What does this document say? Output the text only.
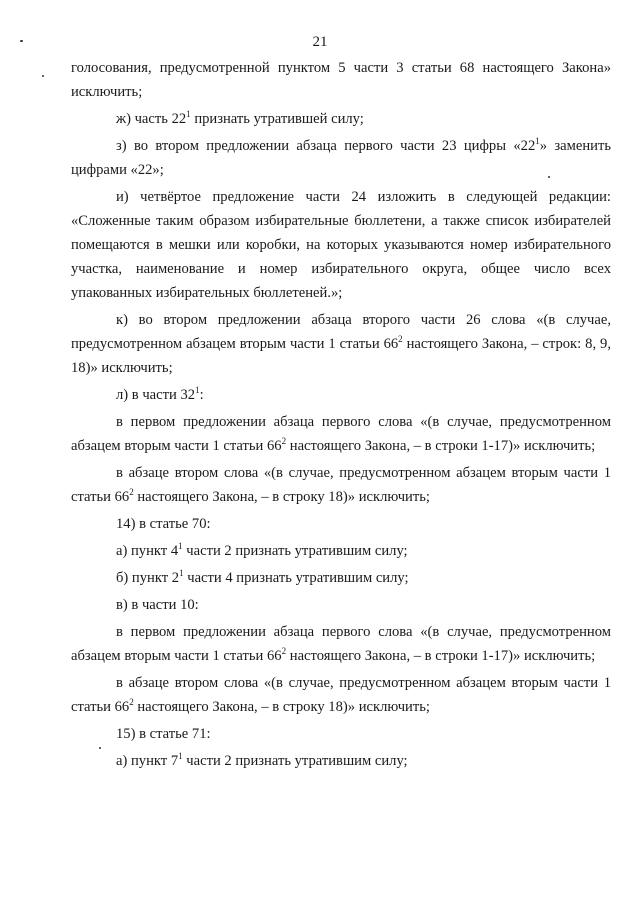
21

голосования, предусмотренной пунктом 5 части 3 статьи 68 настоящего Закона» исключить;

ж) часть $22^1$ признать утратившей силу;

з) во втором предложении абзаца первого части 23 цифры «$22^1$» заменить цифрами «22»;

и) четвёртое предложение части 24 изложить в следующей редакции: «Сложенные таким образом избирательные бюллетени, а также список избирателей помещаются в мешки или коробки, на которых указываются номер избирательного участка, наименование и номер избирательного округа, общее число всех упакованных избирательных бюллетеней.»;

к) во втором предложении абзаца второго части 26 слова «(в случае, предусмотренном абзацем вторым части 1 статьи $66^2$ настоящего Закона, – строк: 8, 9, 18)» исключить;

л) в части $32^1$:

в первом предложении абзаца первого слова «(в случае, предусмотренном абзацем вторым части 1 статьи $66^2$ настоящего Закона, – в строки 1-17)» исключить;

в абзаце втором слова «(в случае, предусмотренном абзацем вторым части 1 статьи $66^2$ настоящего Закона, – в строку 18)» исключить;

14) в статье 70:

а) пункт $4^1$ части 2 признать утратившим силу;

б) пункт $2^1$ части 4 признать утратившим силу;

в) в части 10:

в первом предложении абзаца первого слова «(в случае, предусмотренном абзацем вторым части 1 статьи $66^2$ настоящего Закона, – в строки 1-17)» исключить;

в абзаце втором слова «(в случае, предусмотренном абзацем вторым части 1 статьи $66^2$ настоящего Закона, – в строку 18)» исключить;

15) в статье 71:

а) пункт $7^1$ части 2 признать утратившим силу;
